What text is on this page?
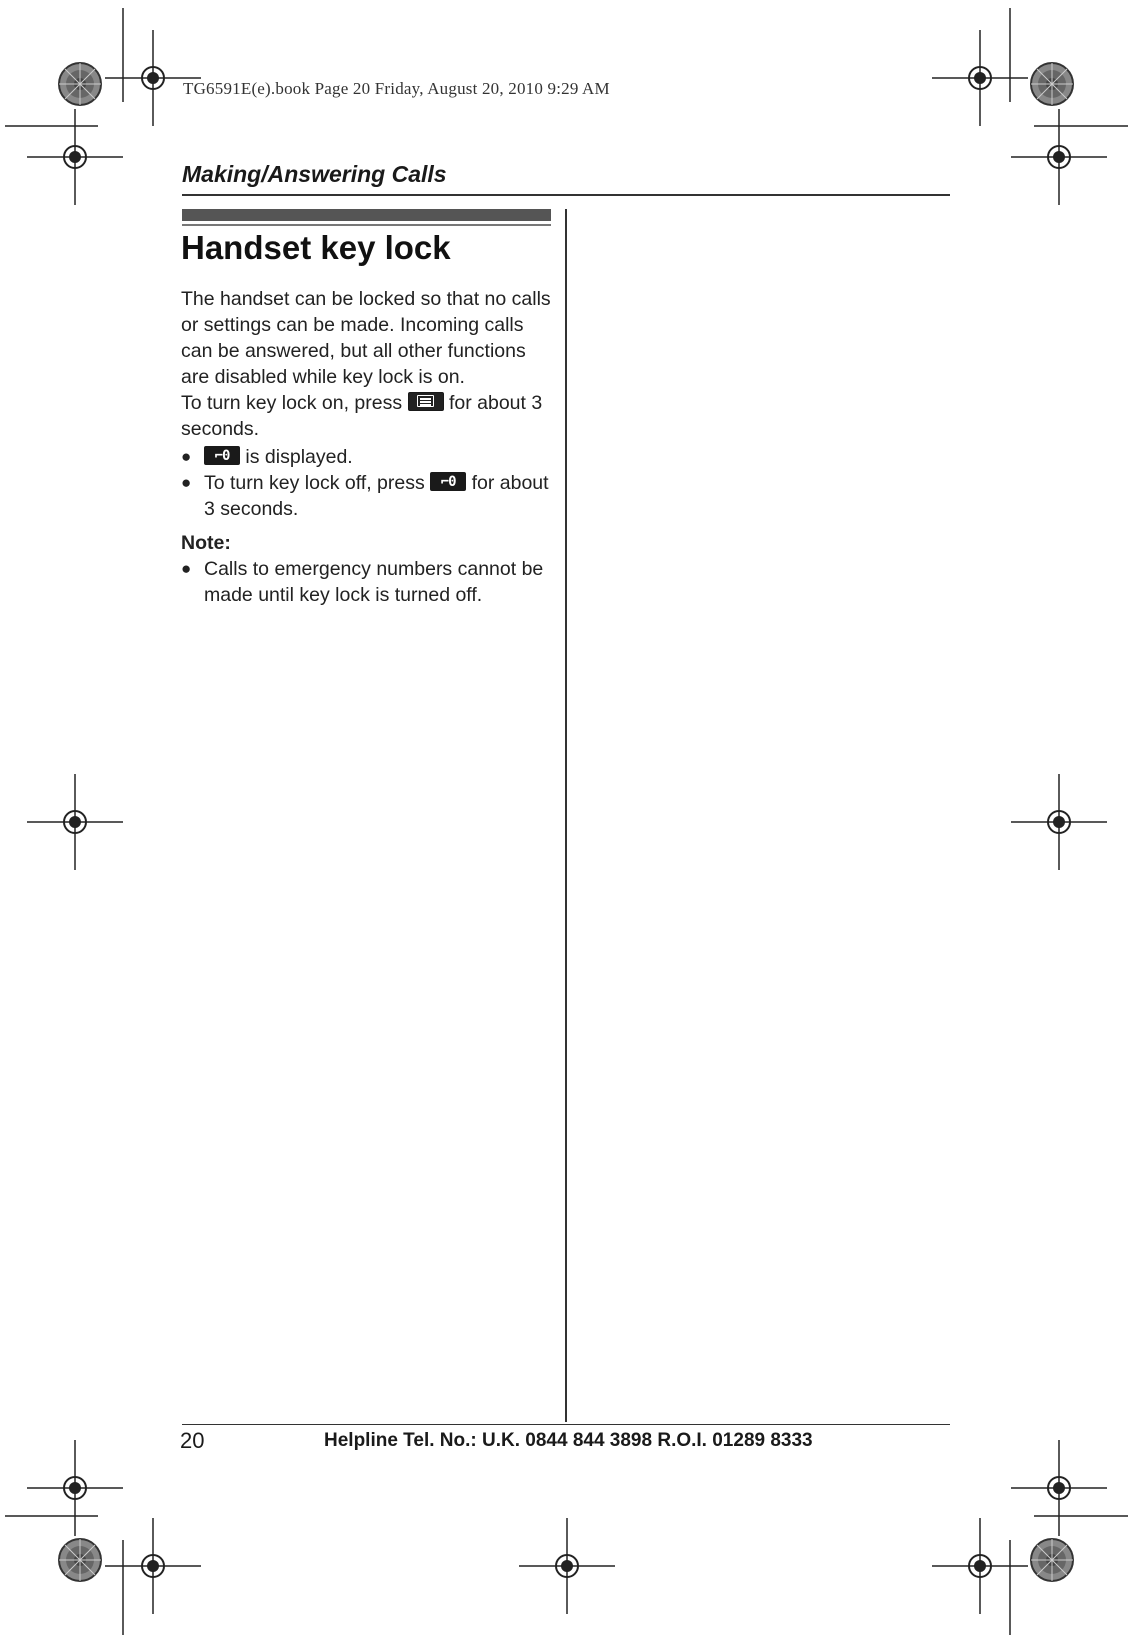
TG6591E(e).book Page 20 Friday, August 20, 2010 9:29 AM
Making/Answering Calls
Handset key lock

The handset can be locked so that no calls or settings can be made. Incoming calls can be answered, but all other functions are disabled while key lock is on.

To turn key lock on, press for about 3 seconds.

● ⌐0 is displayed.

● To turn key lock off, press ⌐0 for about 3 seconds.

Note:

● Calls to emergency numbers cannot be made until key lock is turned off.

20	Helpline Tel. No.: U.K. 0844 844 3898 R.O.I. 01289 8333
